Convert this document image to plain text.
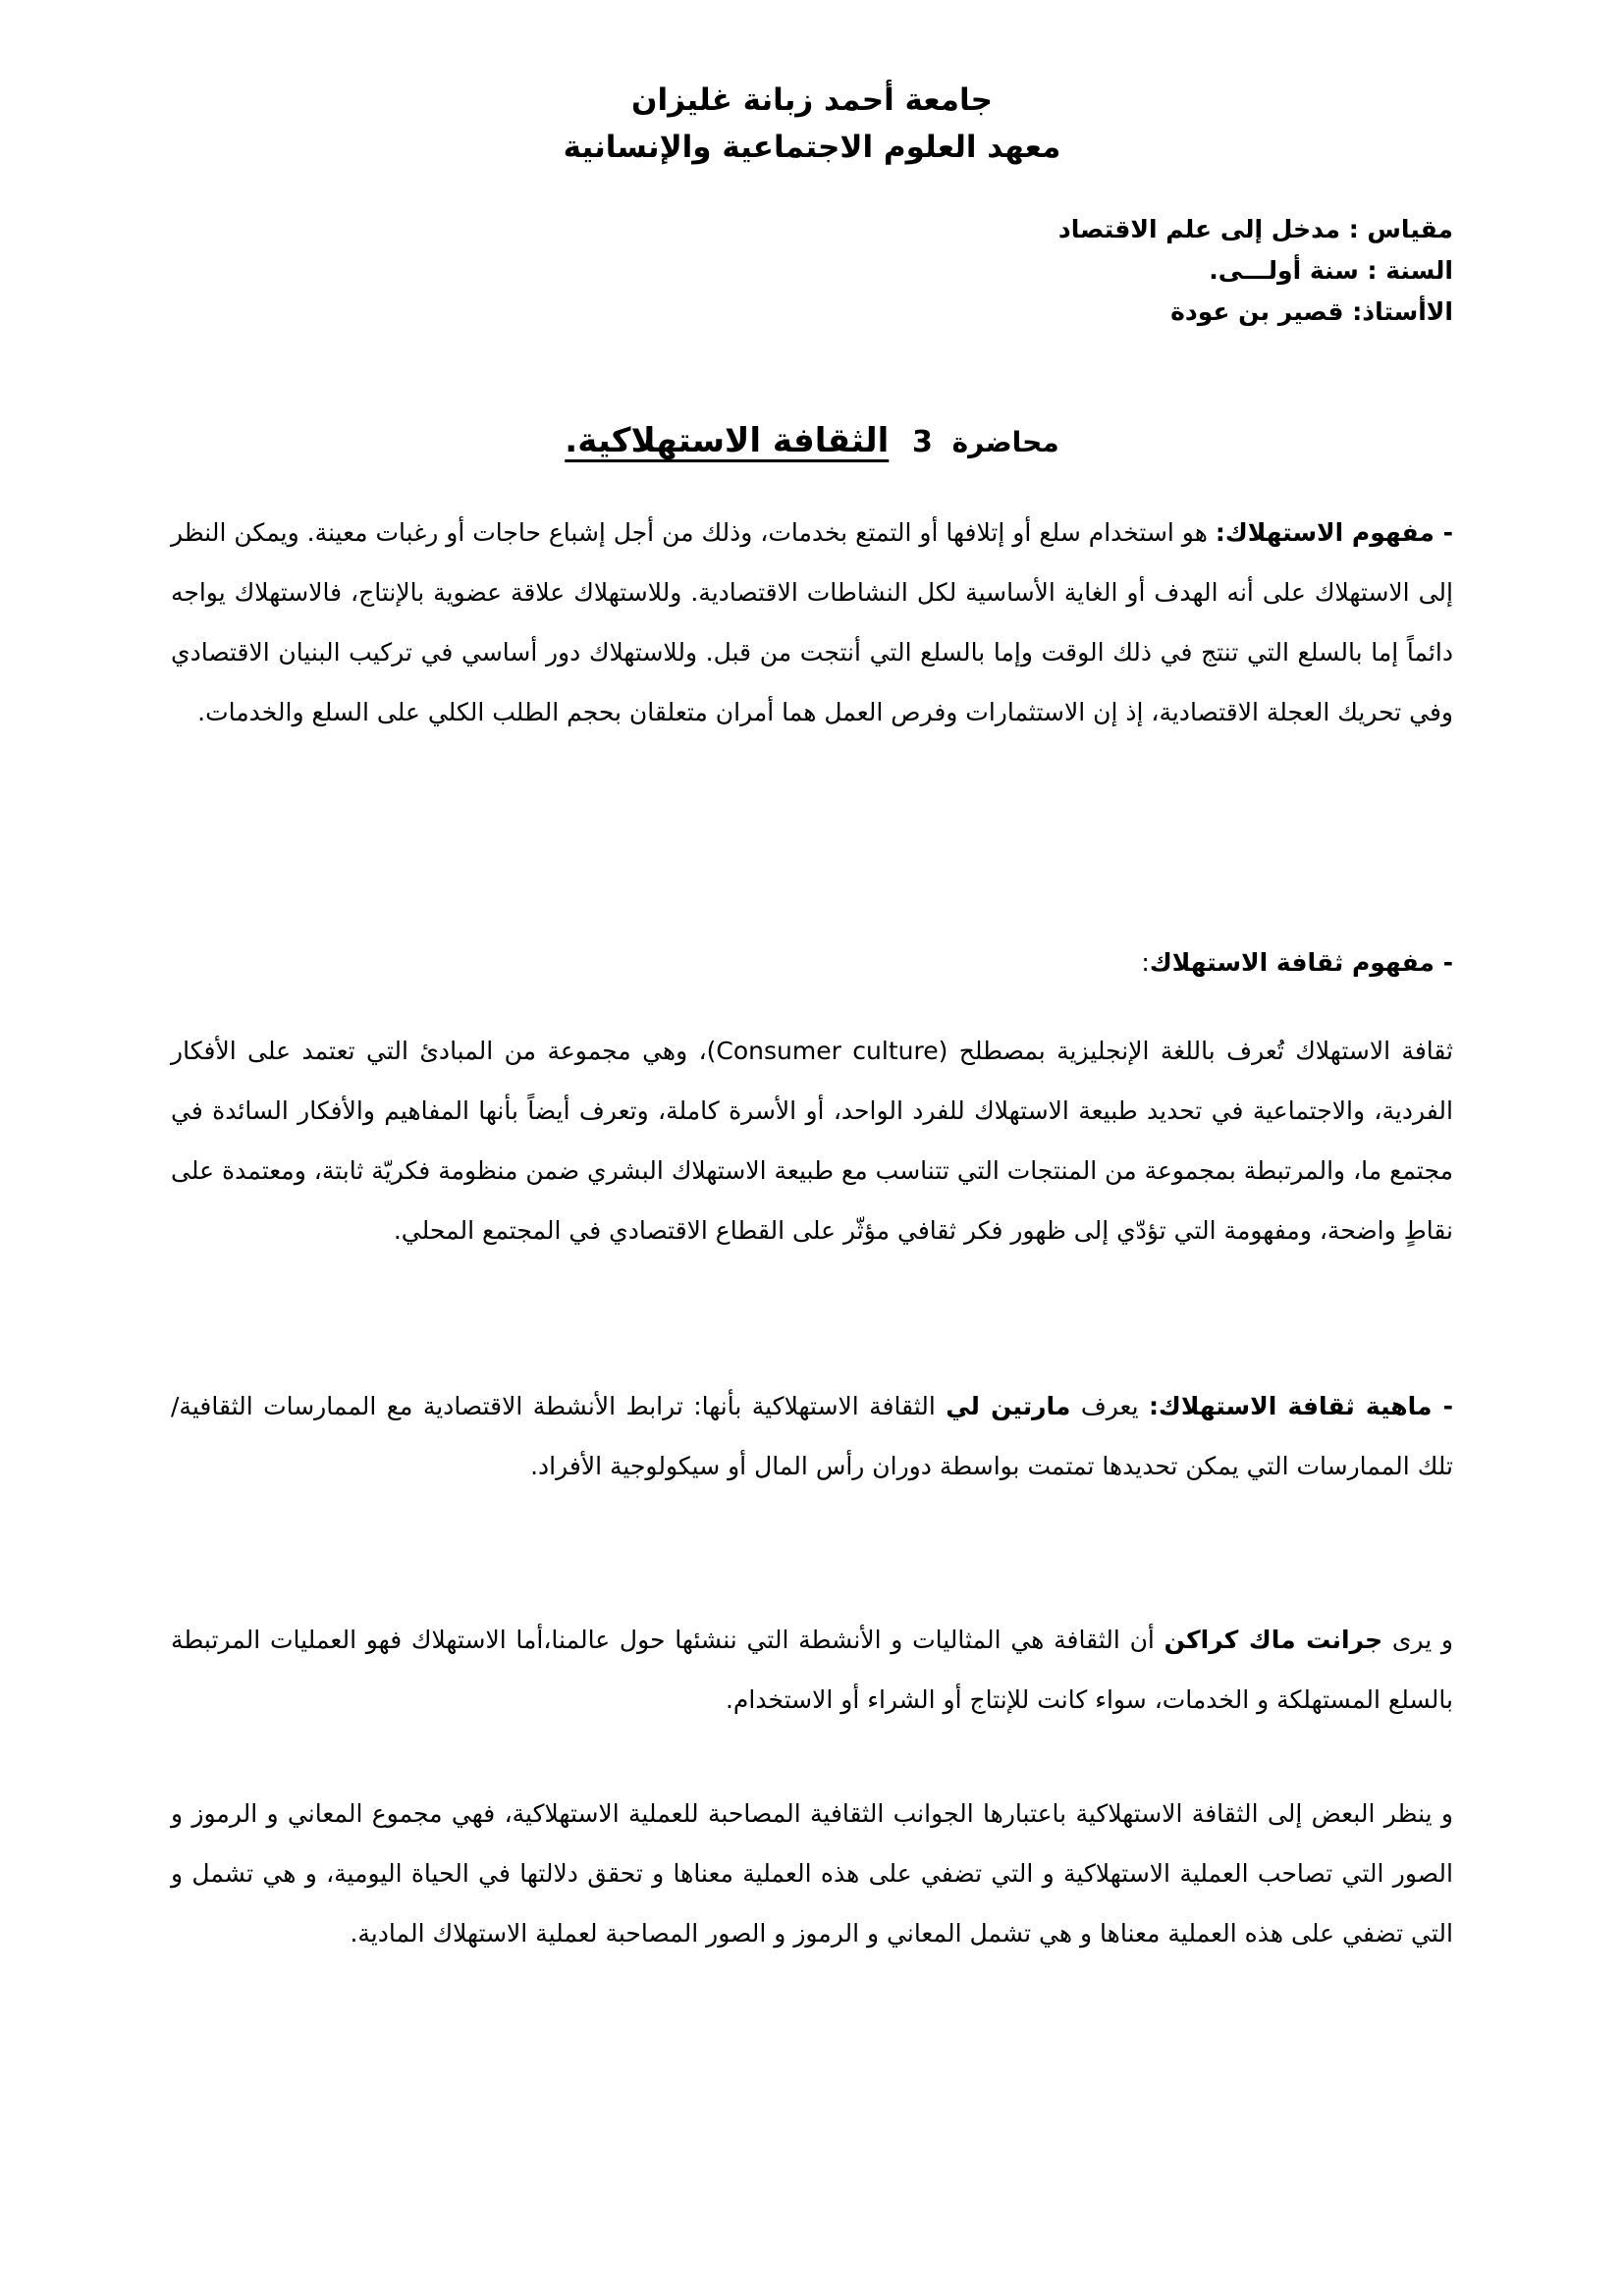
جامعة أحمد زبانة غليزان
معهد العلوم الاجتماعية والإنسانية
مقياس : مدخل إلى علم الاقتصاد
السنة : سنة أولـــى.
الاأستاذ: قصير بن عودة
محاضرة 3 الثقافة الاستهلاكية.
- مفهوم الاستهلاك: هو استخدام سلع أو إتلافها أو التمتع بخدمات، وذلك من أجل إشباع حاجات أو رغبات معينة. ويمكن النظر إلى الاستهلاك على أنه الهدف أو الغاية الأساسية لكل النشاطات الاقتصادية. وللاستهلاك علاقة عضوية بالإنتاج، فالاستهلاك يواجه دائماً إما بالسلع التي تنتج في ذلك الوقت وإما بالسلع التي أنتجت من قبل. وللاستهلاك دور أساسي في تركيب البنيان الاقتصادي وفي تحريك العجلة الاقتصادية، إذ إن الاستثمارات وفرص العمل هما أمران متعلقان بحجم الطلب الكلي على السلع والخدمات.
- مفهوم ثقافة الاستهلاك:
ثقافة الاستهلاك تُعرف باللغة الإنجليزية بمصطلح (Consumer culture)، وهي مجموعة من المبادئ التي تعتمد على الأفكار الفردية، والاجتماعية في تحديد طبيعة الاستهلاك للفرد الواحد، أو الأسرة كاملة، وتعرف أيضاً بأنها المفاهيم والأفكار السائدة في مجتمع ما، والمرتبطة بمجموعة من المنتجات التي تتناسب مع طبيعة الاستهلاك البشري ضمن منظومة فكريّة ثابتة، ومعتمدة على نقاطٍ واضحة، ومفهومة التي تؤدّي إلى ظهور فكر ثقافي مؤثّر على القطاع الاقتصادي في المجتمع المحلي.
- ماهية ثقافة الاستهلاك: يعرف مارتين لي الثقافة الاستهلاكية بأنها: ترابط الأنشطة الاقتصادية مع الممارسات الثقافية/ تلك الممارسات التي يمكن تحديدها تمتمت بواسطة دوران رأس المال أو سيكولوجية الأفراد.
و يرى جرانت ماك كراكن أن الثقافة هي المثاليات و الأنشطة التي ننشئها حول عالمنا،أما الاستهلاك فهو العمليات المرتبطة بالسلع المستهلكة و الخدمات، سواء كانت للإنتاج أو الشراء أو الاستخدام.
و ينظر البعض إلى الثقافة الاستهلاكية باعتبارها الجوانب الثقافية المصاحبة للعملية الاستهلاكية، فهي مجموع المعاني و الرموز و الصور التي تصاحب العملية الاستهلاكية و التي تضفي على هذه العملية معناها و تحقق دلالتها في الحياة اليومية، و هي تشمل و التي تضفي على هذه العملية معناها و هي تشمل المعاني و الرموز و الصور المصاحبة لعملية الاستهلاك المادية.
